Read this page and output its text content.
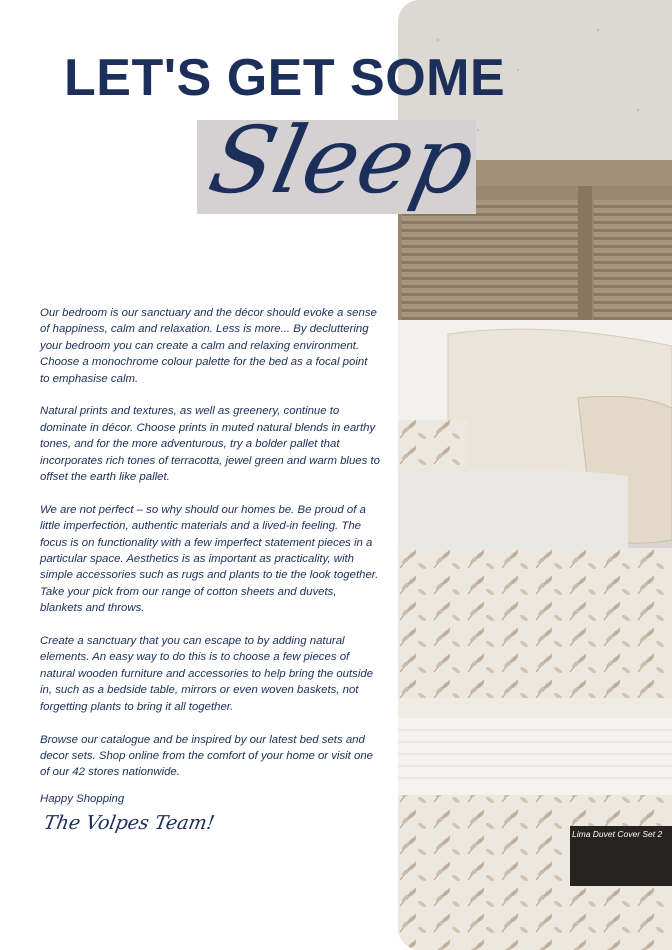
LET'S GET SOME
Sleep

Our bedroom is our sanctuary and the décor should evoke a sense of happiness, calm and relaxation. Less is more... By decluttering your bedroom you can create a calm and relaxing environment. Choose a monochrome colour palette for the bed as a focal point to emphasise calm.

Natural prints and textures, as well as greenery, continue to dominate in décor. Choose prints in muted natural blends in earthy tones, and for the more adventurous, try a bolder pallet that incorporates rich tones of terracotta, jewel green and warm blues to offset the earth like pallet.

We are not perfect – so why should our homes be. Be proud of a little imperfection, authentic materials and a lived-in feeling. The focus is on functionality with a few imperfect statement pieces in a particular space. Aesthetics is as important as practicality, with simple accessories such as rugs and plants to tie the look together. Take your pick from our range of cotton sheets and duvets, blankets and throws.

Create a sanctuary that you can escape to by adding natural elements. An easy way to do this is to choose a few pieces of natural wooden furniture and accessories to help bring the outside in, such as a bedside table, mirrors or even woven baskets, not forgetting plants to bring it all together.

Browse our catalogue and be inspired by our latest bed sets and decor sets. Shop online from the comfort of your home or visit one of our 42 stores nationwide.

Happy Shopping
The Volpes Team!	Lima Duvet Cover Set 2
